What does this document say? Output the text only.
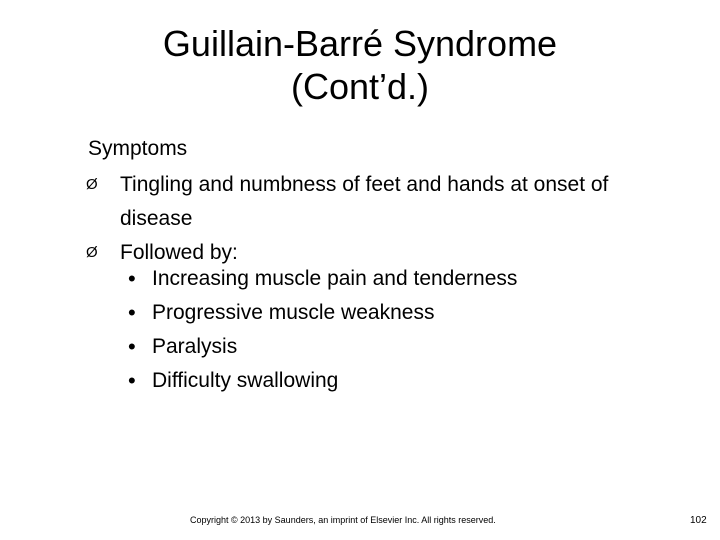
Guillain-Barré Syndrome
(Cont’d.)
Symptoms
Ø	Tingling and numbness of feet and hands at onset of disease
Ø	Followed by:
• Increasing muscle pain and tenderness
• Progressive muscle weakness
• Paralysis
• Difficulty swallowing
Copyright © 2013 by Saunders, an imprint of Elsevier Inc. All rights reserved.	102
